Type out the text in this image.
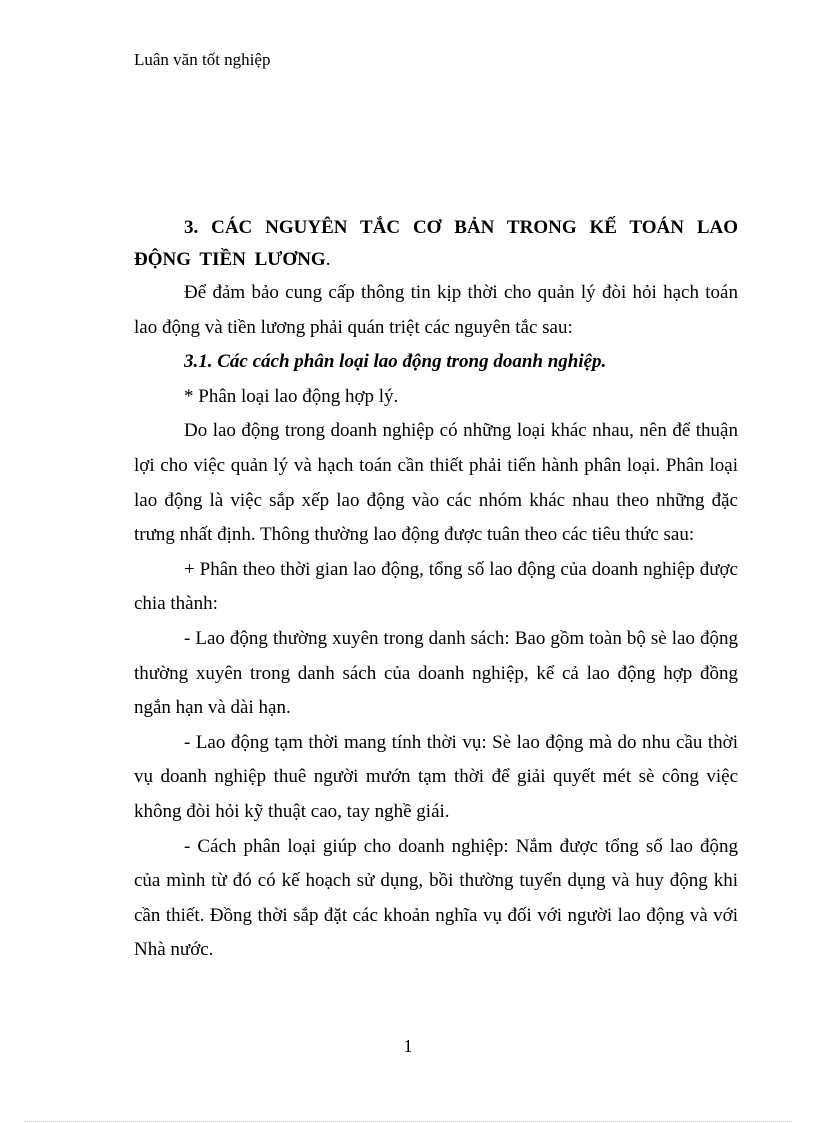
Luân văn tốt nghiệp

3. CÁC NGUYÊN TẮC CƠ BẢN TRONG KẾ TOÁN LAO ĐỘNG TIỀN LƯƠNG.

Để đảm bảo cung cấp thông tin kịp thời cho quản lý đòi hỏi hạch toán lao động và tiền lương phải quán triệt các nguyên tắc sau:

3.1. Các cách phân loại lao động trong doanh nghiệp.

* Phân loại lao động hợp lý.

Do lao động trong doanh nghiệp có những loại khác nhau, nên để thuận lợi cho việc quản lý và hạch toán cần thiết phải tiến hành phân loại. Phân loại lao động là việc sắp xếp lao động vào các nhóm khác nhau theo những đặc trưng nhất định. Thông thường lao động được tuân theo các tiêu thức sau:

+ Phân theo thời gian lao động, tổng số lao động của doanh nghiệp được chia thành:

- Lao động thường xuyên trong danh sách: Bao gồm toàn bộ sè lao động thường xuyên trong danh sách của doanh nghiệp, kể cả lao động hợp đồng ngắn hạn và dài hạn.

- Lao động tạm thời mang tính thời vụ: Sè lao động mà do nhu cầu thời vụ doanh nghiệp thuê người mướn tạm thời để giải quyết mét sè công việc không đòi hỏi kỹ thuật cao, tay nghề giái.

- Cách phân loại giúp cho doanh nghiệp: Nắm được tổng số lao động của mình từ đó có kế hoạch sử dụng, bồi thường tuyển dụng và huy động khi cần thiết. Đồng thời sắp đặt các khoản nghĩa vụ đối với người lao động và với Nhà nước.

1
